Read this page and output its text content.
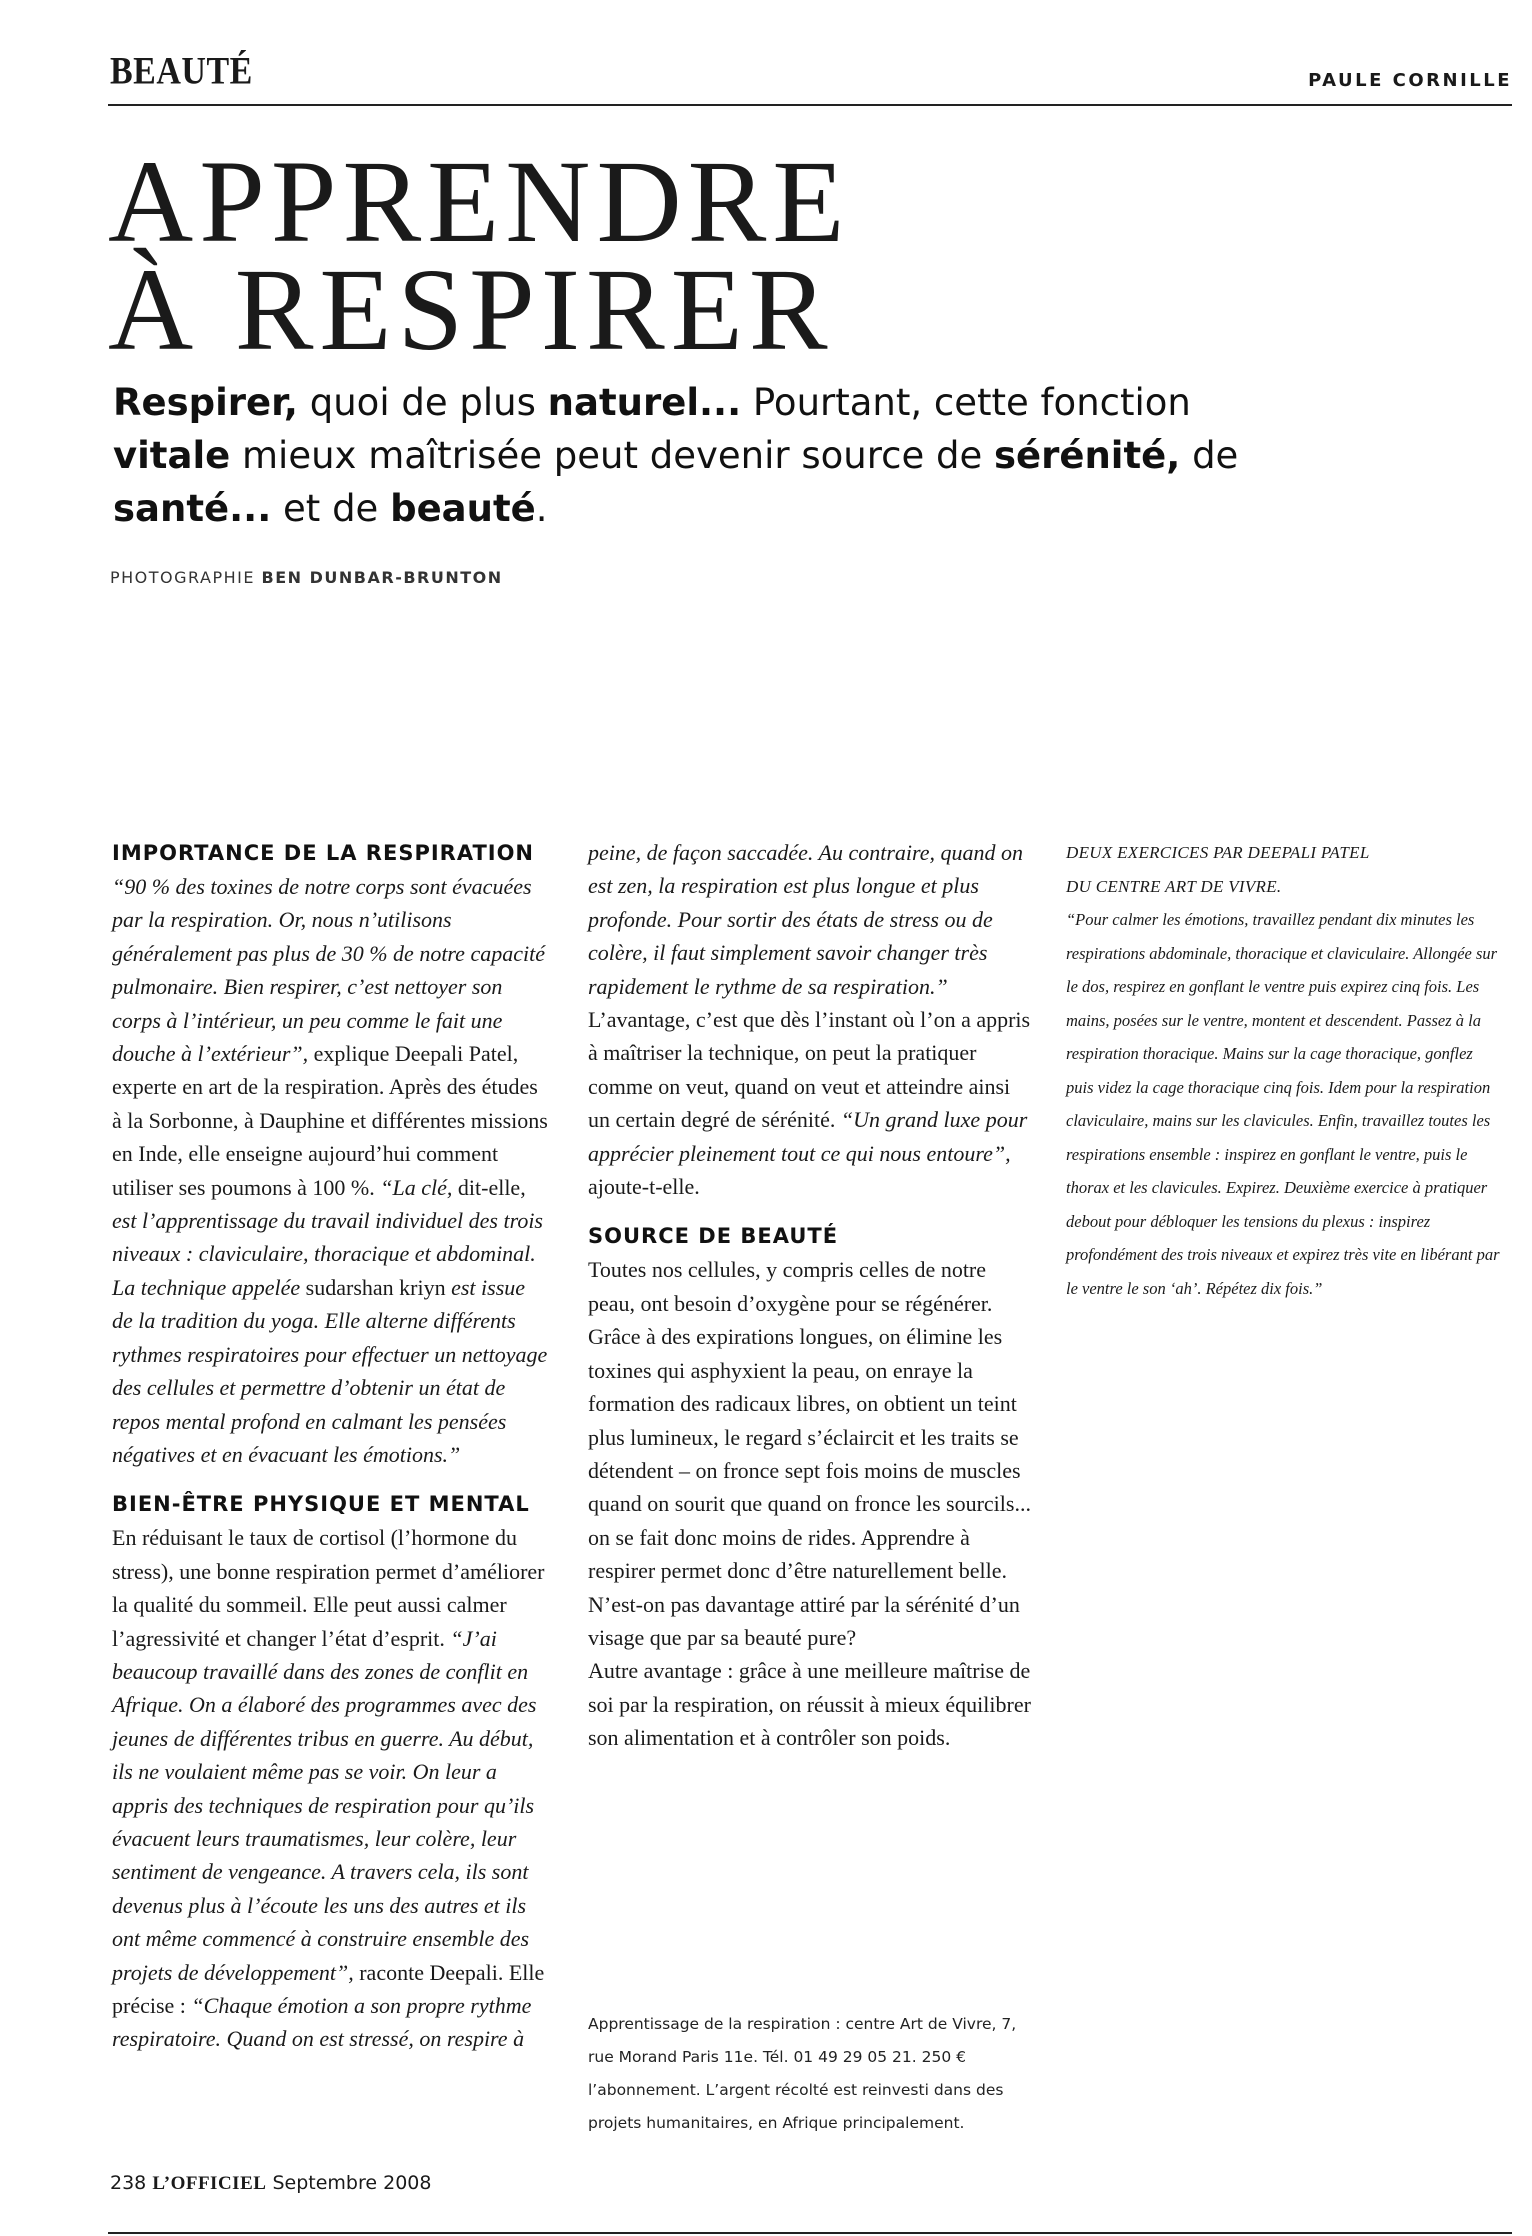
BEAUTÉ	PAULE CORNILLE
APPRENDRE
À RESPIRER
Respirer, quoi de plus naturel... Pourtant, cette fonction vitale mieux maîtrisée peut devenir source de sérénité, de santé... et de beauté.
PHOTOGRAPHIE BEN DUNBAR-BRUNTON
IMPORTANCE DE LA RESPIRATION

“90 % des toxines de notre corps sont évacuées par la respiration. Or, nous n’utilisons généralement pas plus de 30 % de notre capacité pulmonaire. Bien respirer, c’est nettoyer son corps à l’intérieur, un peu comme le fait une douche à l’extérieur”, explique Deepali Patel, experte en art de la respiration. Après des études à la Sorbonne, à Dauphine et différentes missions en Inde, elle enseigne aujourd’hui comment utiliser ses poumons à 100 %. “La clé, dit-elle, est l’apprentissage du travail individuel des trois niveaux : claviculaire, thoracique et abdominal. La technique appelée sudarshan kriyn est issue de la tradition du yoga. Elle alterne différents rythmes respiratoires pour effectuer un nettoyage des cellules et permettre d’obtenir un état de repos mental profond en calmant les pensées négatives et en évacuant les émotions.”

BIEN-ÊTRE PHYSIQUE ET MENTAL

En réduisant le taux de cortisol (l’hormone du stress), une bonne respiration permet d’améliorer la qualité du sommeil. Elle peut aussi calmer l’agressivité et changer l’état d’esprit. “J’ai beaucoup travaillé dans des zones de conflit en Afrique. On a élaboré des programmes avec des jeunes de différentes tribus en guerre. Au début, ils ne voulaient même pas se voir. On leur a appris des techniques de respiration pour qu’ils évacuent leurs traumatismes, leur colère, leur sentiment de vengeance. A travers cela, ils sont devenus plus à l’écoute les uns des autres et ils ont même commencé à construire ensemble des projets de développement”, raconte Deepali. Elle précise : “Chaque émotion a son propre rythme respiratoire. Quand on est stressé, on respire à

peine, de façon saccadée. Au contraire, quand on est zen, la respiration est plus longue et plus profonde. Pour sortir des états de stress ou de colère, il faut simplement savoir changer très rapidement le rythme de sa respiration.” L’avantage, c’est que dès l’instant où l’on a appris à maîtriser la technique, on peut la pratiquer comme on veut, quand on veut et atteindre ainsi un certain degré de sérénité. “Un grand luxe pour apprécier pleinement tout ce qui nous entoure”, ajoute-t-elle.

SOURCE DE BEAUTÉ

Toutes nos cellules, y compris celles de notre peau, ont besoin d’oxygène pour se régénérer. Grâce à des expirations longues, on élimine les toxines qui asphyxient la peau, on enraye la formation des radicaux libres, on obtient un teint plus lumineux, le regard s’éclaircit et les traits se détendent – on fronce sept fois moins de muscles quand on sourit que quand on fronce les sourcils... on se fait donc moins de rides. Apprendre à respirer permet donc d’être naturellement belle. N’est-on pas davantage attiré par la sérénité d’un visage que par sa beauté pure?

Autre avantage : grâce à une meilleure maîtrise de soi par la respiration, on réussit à mieux équilibrer son alimentation et à contrôler son poids.

Apprentissage de la respiration : centre Art de Vivre, 7, rue Morand Paris 11e. Tél. 01 49 29 05 21. 250 € l’abonnement. L’argent récolté est reinvesti dans des projets humanitaires, en Afrique principalement.
DEUX EXERCICES PAR DEEPALI PATEL
DU CENTRE ART DE VIVRE.

“Pour calmer les émotions, travaillez pendant dix minutes les respirations abdominale, thoracique et claviculaire. Allongée sur le dos, respirez en gonflant le ventre puis expirez cinq fois. Les mains, posées sur le ventre, montent et descendent. Passez à la respiration thoracique. Mains sur la cage thoracique, gonflez puis videz la cage thoracique cinq fois. Idem pour la respiration claviculaire, mains sur les clavicules. Enfin, travaillez toutes les respirations ensemble : inspirez en gonflant le ventre, puis le thorax et les clavicules. Expirez. Deuxième exercice à pratiquer debout pour débloquer les tensions du plexus : inspirez profondément des trois niveaux et expirez très vite en libérant par le ventre le son ‘ah’. Répétez dix fois.”

238 L’OFFICIEL Septembre 2008
